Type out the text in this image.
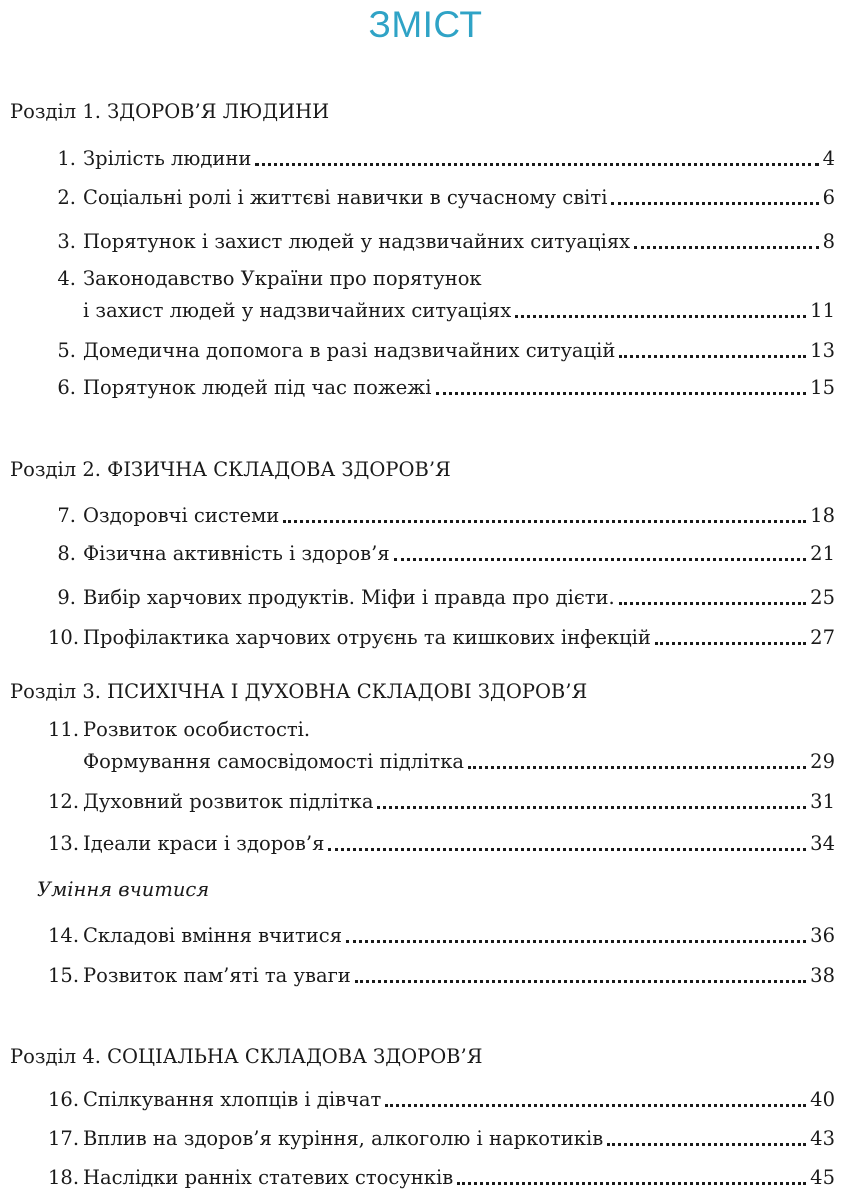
ЗМІСТ
Розділ 1. ЗДОРОВ’Я ЛЮДИНИ
1. Зрілість людини	4
2. Соціальні ролі і життєві навички в сучасному світі	6
3. Порятунок і захист людей у надзвичайних ситуаціях	8
4. Законодавство України про порятунок
і захист людей у надзвичайних ситуаціях	11
5. Домедична допомога в разі надзвичайних ситуацій	13
6. Порятунок людей під час пожежі	15
Розділ 2. ФІЗИЧНА СКЛАДОВА ЗДОРОВ’Я
7. Оздоровчі системи	18
8. Фізична активність і здоров’я	21
9. Вибір харчових продуктів. Міфи і правда про дієти.	25
10. Профілактика харчових отруєнь та кишкових інфекцій	27
Розділ 3. ПСИХІЧНА І ДУХОВНА СКЛАДОВІ ЗДОРОВ’Я
11. Розвиток особистості.
Формування самосвідомості підлітка	29
12. Духовний розвиток підлітка	31
13. Ідеали краси і здоров’я	34
Уміння вчитися
14. Складові вміння вчитися	36
15. Розвиток пам’яті та уваги	38
Розділ 4. СОЦІАЛЬНА СКЛАДОВА ЗДОРОВ’Я
16. Спілкування хлопців і дівчат	40
17. Вплив на здоров’я куріння, алкоголю і наркотиків	43
18. Наслідки ранніх статевих стосунків	45
